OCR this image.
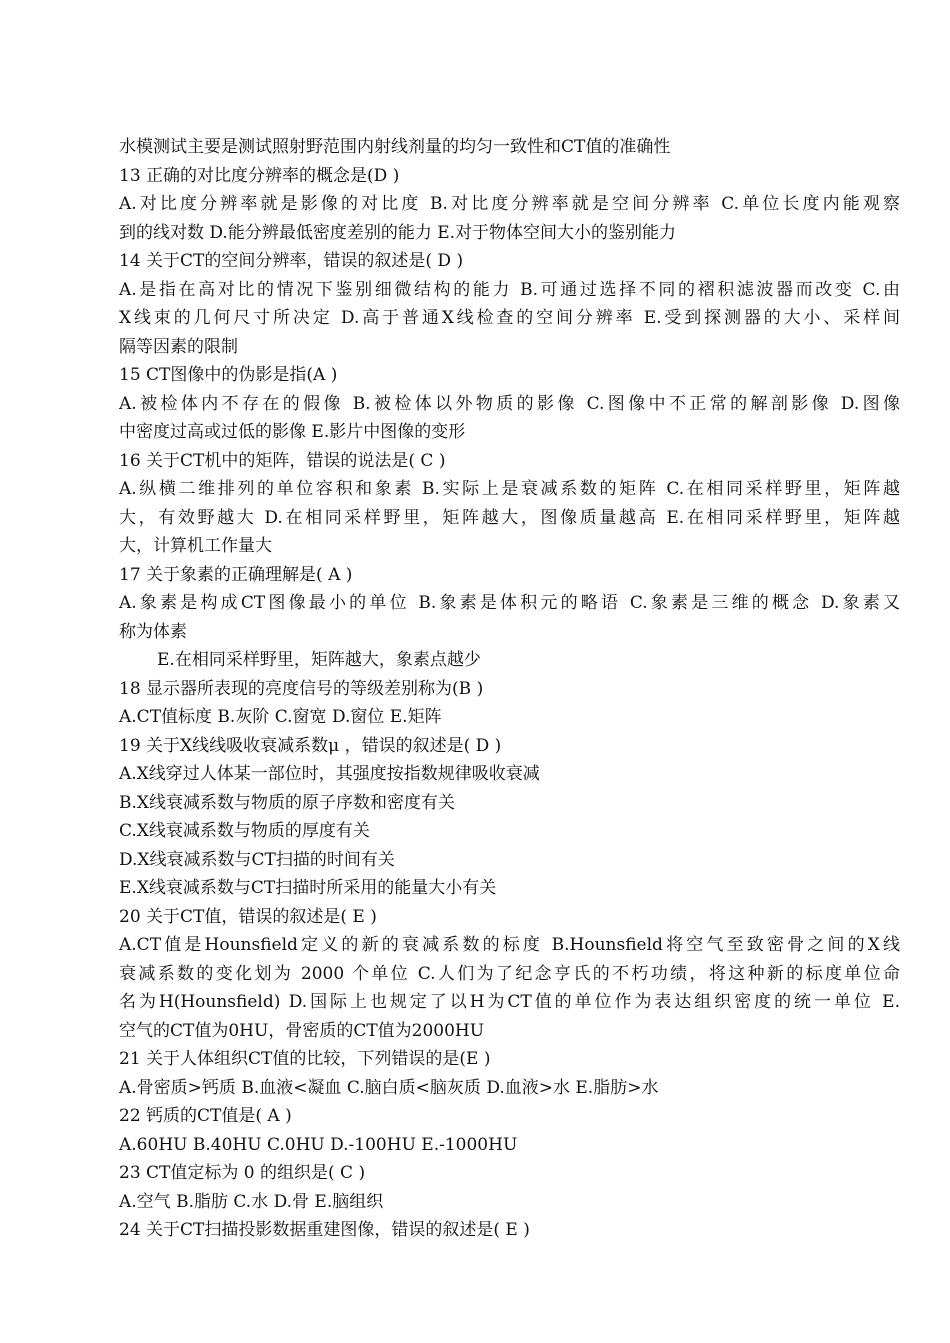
水模测试主要是测试照射野范围内射线剂量的均匀一致性和CT值的准确性
13 正确的对比度分辨率的概念是(D )
A.对比度分辨率就是影像的对比度 B.对比度分辨率就是空间分辨率 C.单位长度内能观察
到的线对数 D.能分辨最低密度差别的能力 E.对于物体空间大小的鉴别能力
14 关于CT的空间分辨率，错误的叙述是( D )
A.是指在高对比的情况下鉴别细微结构的能力 B.可通过选择不同的褶积滤波器而改变 C.由
X线束的几何尺寸所决定 D.高于普通X线检查的空间分辨率 E.受到探测器的大小、采样间
隔等因素的限制
15 CT图像中的伪影是指(A )
A.被检体内不存在的假像 B.被检体以外物质的影像 C.图像中不正常的解剖影像 D.图像
中密度过高或过低的影像 E.影片中图像的变形
16 关于CT机中的矩阵，错误的说法是( C )
A.纵横二维排列的单位容积和象素 B.实际上是衰减系数的矩阵 C.在相同采样野里，矩阵越
大，有效野越大 D.在相同采样野里，矩阵越大，图像质量越高 E.在相同采样野里，矩阵越
大，计算机工作量大
17 关于象素的正确理解是( A )
A.象素是构成CT图像最小的单位 B.象素是体积元的略语 C.象素是三维的概念 D.象素又
称为体素
E.在相同采样野里，矩阵越大，象素点越少
18 显示器所表现的亮度信号的等级差别称为(B )
A.CT值标度 B.灰阶 C.窗宽 D.窗位 E.矩阵
19 关于X线线吸收衰减系数μ ，错误的叙述是( D )
A.X线穿过人体某一部位时，其强度按指数规律吸收衰减
B.X线衰减系数与物质的原子序数和密度有关
C.X线衰减系数与物质的厚度有关
D.X线衰减系数与CT扫描的时间有关
E.X线衰减系数与CT扫描时所采用的能量大小有关
20 关于CT值，错误的叙述是( E )
A.CT值是Hounsfield定义的新的衰减系数的标度 B.Hounsfield将空气至致密骨之间的X线
衰减系数的变化划为 2000 个单位 C.人们为了纪念亨氏的不朽功绩，将这种新的标度单位命
名为H(Hounsfield) D.国际上也规定了以H为CT值的单位作为表达组织密度的统一单位 E.
空气的CT值为0HU，骨密质的CT值为2000HU
21 关于人体组织CT值的比较，下列错误的是(E )
A.骨密质>钙质 B.血液<凝血 C.脑白质<脑灰质 D.血液>水 E.脂肪>水
22 钙质的CT值是( A )
A.60HU B.40HU C.0HU D.-100HU E.-1000HU
23 CT值定标为 0 的组织是( C )
A.空气 B.脂肪 C.水 D.骨 E.脑组织
24 关于CT扫描投影数据重建图像，错误的叙述是( E )
